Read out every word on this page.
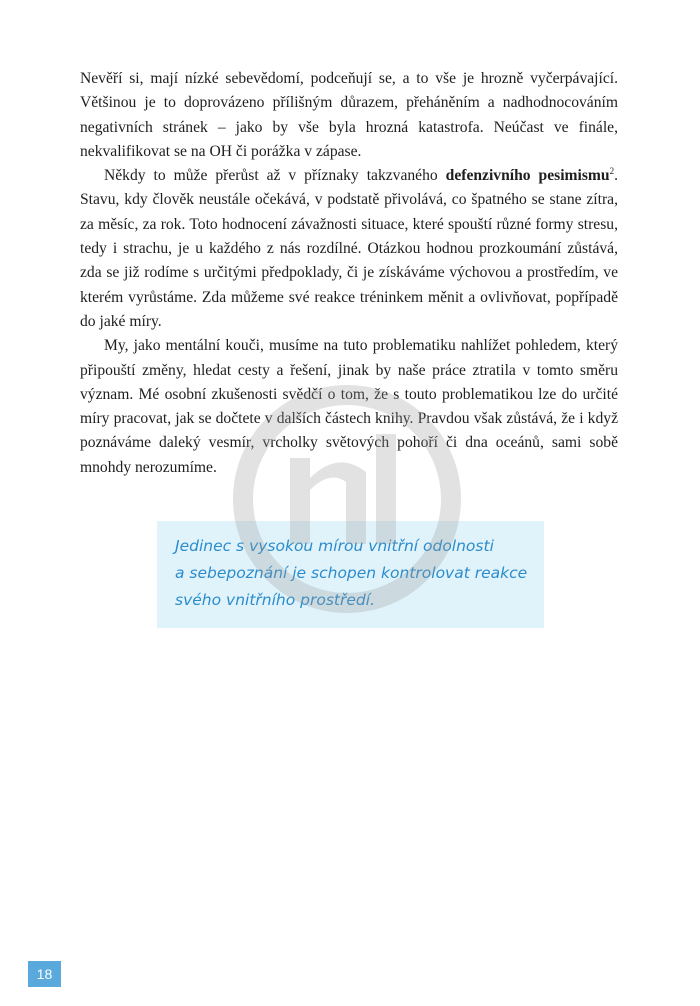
Nevěří si, mají nízké sebevědomí, podceňují se, a to vše je hrozně vyčerpávající. Většinou je to doprovázeno přílišným důrazem, přeháněním a nadhodnocováním negativních stránek – jako by vše byla hrozná katastrofa. Neúčast ve finále, nekvalifikovat se na OH či porážka v zápase.

Někdy to může přerůst až v příznaky takzvaného defenzivního pesimismu$^2$. Stavu, kdy člověk neustále očekává, v podstatě přivolává, co špatného se stane zítra, za měsíc, za rok. Toto hodnocení závažnosti situace, které spouští různé formy stresu, tedy i strachu, je u každého z nás rozdílné. Otázkou hodnou prozkoumání zůstává, zda se již rodíme s určitými předpoklady, či je získáváme výchovou a prostředím, ve kterém vyrůstáme. Zda můžeme své reakce tréninkem měnit a ovlivňovat, popřípadě do jaké míry.

My, jako mentální kouči, musíme na tuto problematiku nahlížet pohledem, který připouští změny, hledat cesty a řešení, jinak by naše práce ztratila v tomto směru význam. Mé osobní zkušenosti svědčí o tom, že s touto problematikou lze do určité míry pracovat, jak se dočtete v dalších částech knihy. Pravdou však zůstává, že i když poznáváme daleký vesmír, vrcholky světových pohoří či dna oceánů, sami sobě mnohdy nerozumíme.

Jedinec s vysokou mírou vnitřní odolnosti
a sebepoznání je schopen kontrolovat reakce
svého vnitřního prostředí.
18
